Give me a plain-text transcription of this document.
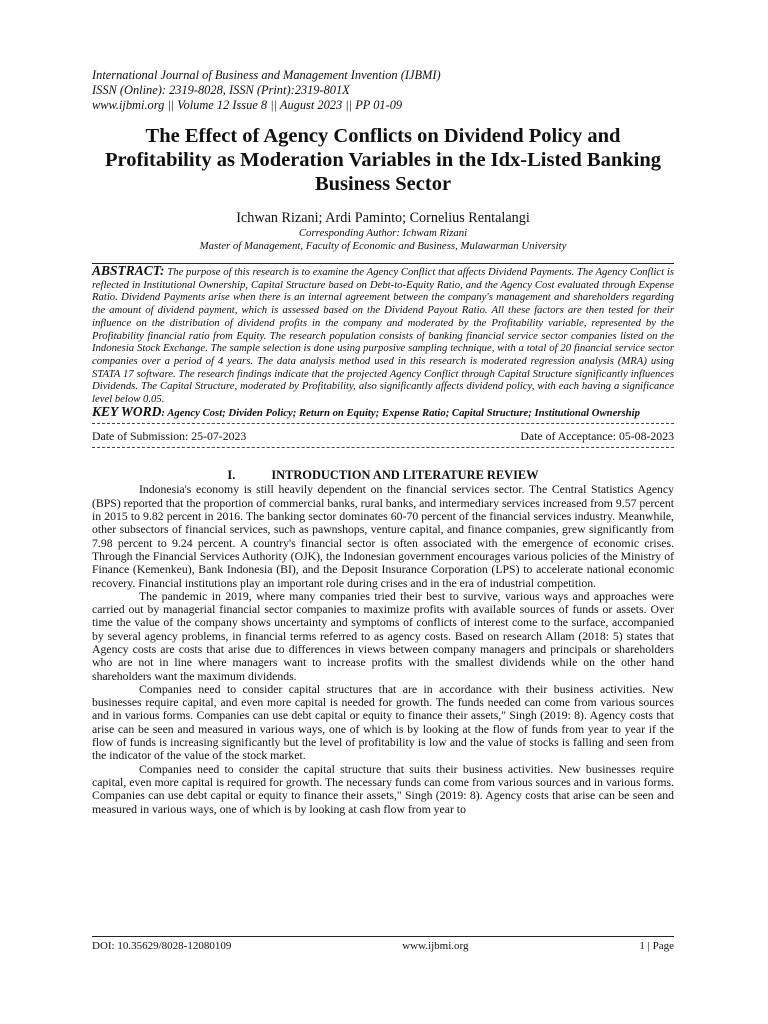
International Journal of Business and Management Invention (IJBMI)
ISSN (Online): 2319-8028, ISSN (Print):2319-801X
www.ijbmi.org || Volume 12 Issue 8 || August 2023 || PP 01-09
The Effect of Agency Conflicts on Dividend Policy and Profitability as Moderation Variables in the Idx-Listed Banking Business Sector
Ichwan Rizani; Ardi Paminto; Cornelius Rentalangi
Corresponding Author: Ichwam Rizani
Master of Management, Faculty of Economic and Business, Mulawarman University
ABSTRACT: The purpose of this research is to examine the Agency Conflict that affects Dividend Payments. The Agency Conflict is reflected in Institutional Ownership, Capital Structure based on Debt-to-Equity Ratio, and the Agency Cost evaluated through Expense Ratio. Dividend Payments arise when there is an internal agreement between the company's management and shareholders regarding the amount of dividend payment, which is assessed based on the Dividend Payout Ratio. All these factors are then tested for their influence on the distribution of dividend profits in the company and moderated by the Profitability variable, represented by the Profitability financial ratio from Equity. The research population consists of banking financial service sector companies listed on the Indonesia Stock Exchange. The sample selection is done using purposive sampling technique, with a total of 20 financial service sector companies over a period of 4 years. The data analysis method used in this research is moderated regression analysis (MRA) using STATA 17 software. The research findings indicate that the projected Agency Conflict through Capital Structure significantly influences Dividends. The Capital Structure, moderated by Profitability, also significantly affects dividend policy, with each having a significance level below 0.05.
KEY WORD: Agency Cost; Dividen Policy; Return on Equity; Expense Ratio; Capital Structure; Institutional Ownership
Date of Submission: 25-07-2023	Date of Acceptance: 05-08-2023
I.	INTRODUCTION AND LITERATURE REVIEW

Indonesia's economy is still heavily dependent on the financial services sector. The Central Statistics Agency (BPS) reported that the proportion of commercial banks, rural banks, and intermediary services increased from 9.57 percent in 2015 to 9.82 percent in 2016. The banking sector dominates 60-70 percent of the financial services industry. Meanwhile, other subsectors of financial services, such as pawnshops, venture capital, and finance companies, grew significantly from 7.98 percent to 9.24 percent. A country's financial sector is often associated with the emergence of economic crises. Through the Financial Services Authority (OJK), the Indonesian government encourages various policies of the Ministry of Finance (Kemenkeu), Bank Indonesia (BI), and the Deposit Insurance Corporation (LPS) to accelerate national economic recovery. Financial institutions play an important role during crises and in the era of industrial competition.

The pandemic in 2019, where many companies tried their best to survive, various ways and approaches were carried out by managerial financial sector companies to maximize profits with available sources of funds or assets. Over time the value of the company shows uncertainty and symptoms of conflicts of interest come to the surface, accompanied by several agency problems, in financial terms referred to as agency costs. Based on research Allam (2018: 5) states that Agency costs are costs that arise due to differences in views between company managers and principals or shareholders who are not in line where managers want to increase profits with the smallest dividends while on the other hand shareholders want the maximum dividends.

Companies need to consider capital structures that are in accordance with their business activities. New businesses require capital, and even more capital is needed for growth. The funds needed can come from various sources and in various forms. Companies can use debt capital or equity to finance their assets," Singh (2019: 8). Agency costs that arise can be seen and measured in various ways, one of which is by looking at the flow of funds from year to year if the flow of funds is increasing significantly but the level of profitability is low and the value of stocks is falling and seen from the indicator of the value of the stock market.

Companies need to consider the capital structure that suits their business activities. New businesses require capital, even more capital is required for growth. The necessary funds can come from various sources and in various forms. Companies can use debt capital or equity to finance their assets," Singh (2019: 8). Agency costs that arise can be seen and measured in various ways, one of which is by looking at cash flow from year to

DOI: 10.35629/8028-12080109	www.ijbmi.org	1 | Page
